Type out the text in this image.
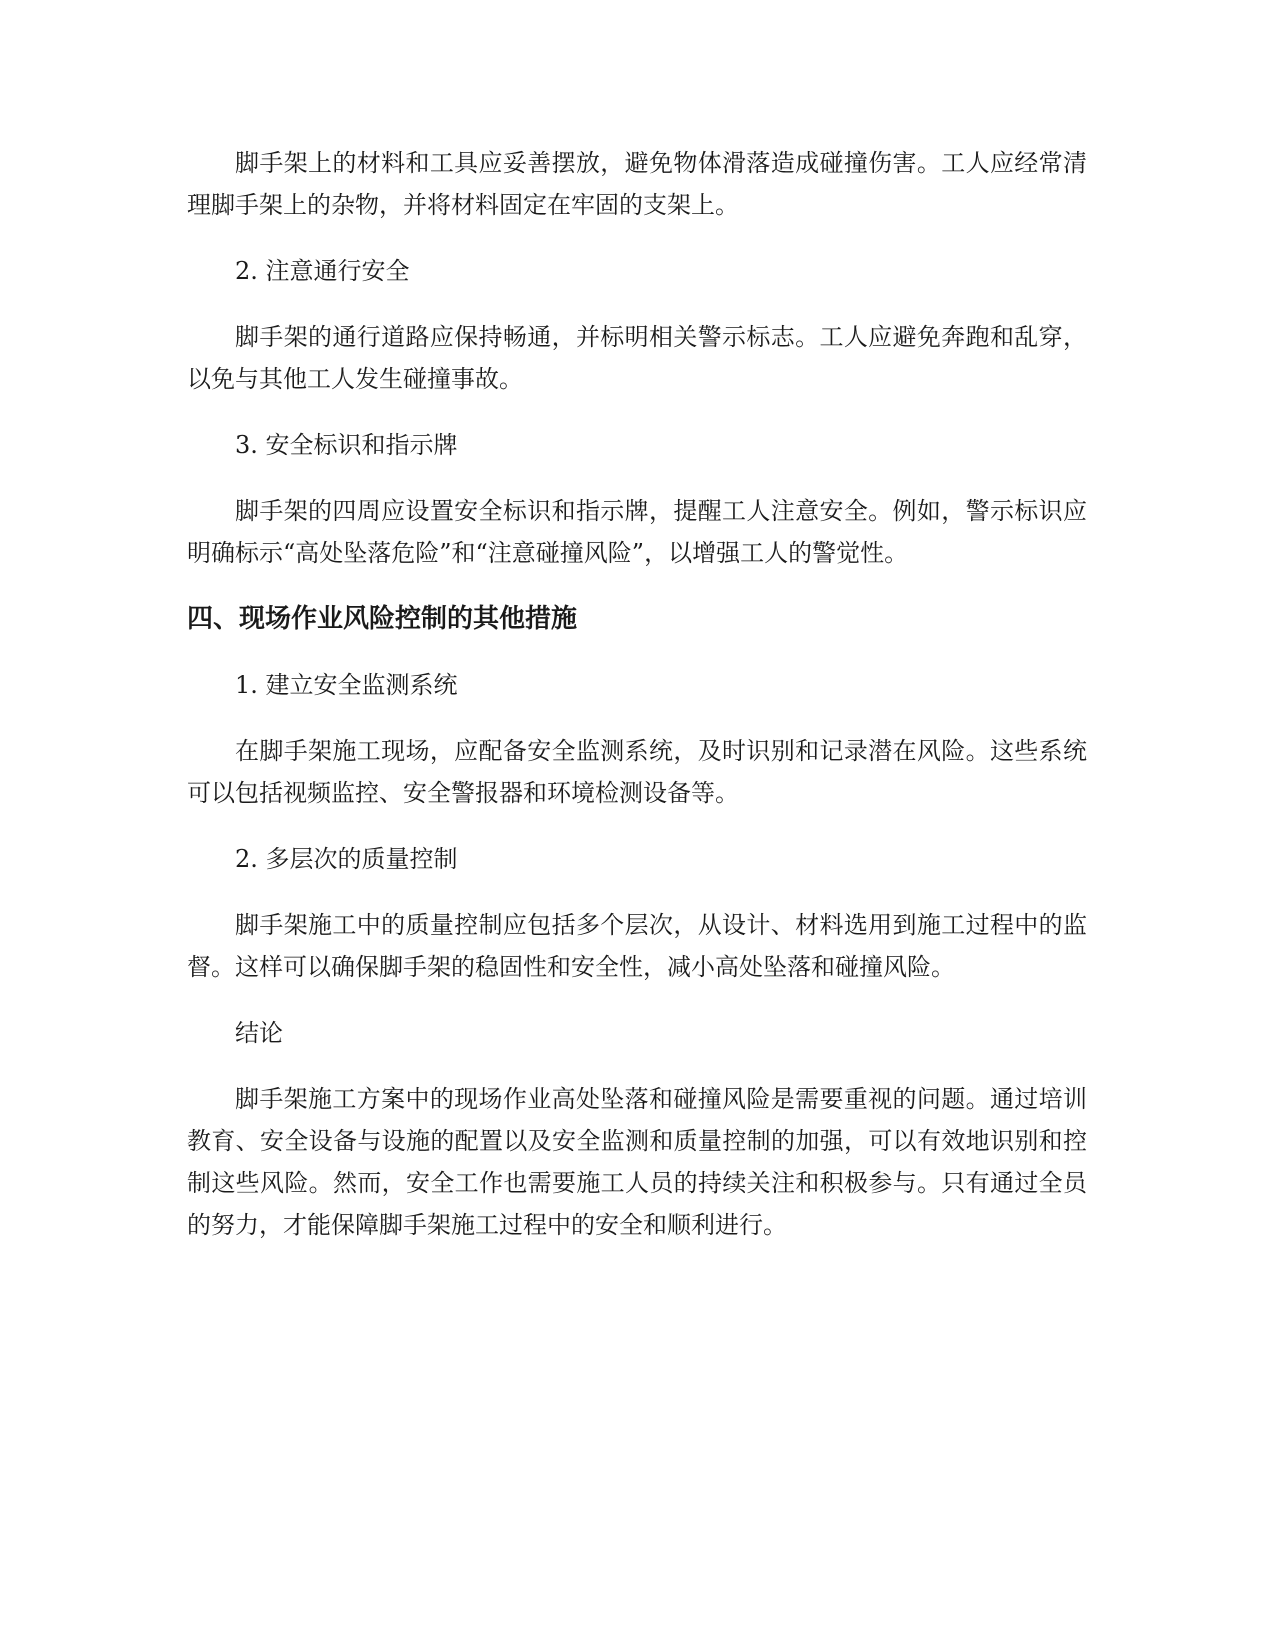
脚手架上的材料和工具应妥善摆放，避免物体滑落造成碰撞伤害。工人应经常清理脚手架上的杂物，并将材料固定在牢固的支架上。

2. 注意通行安全

脚手架的通行道路应保持畅通，并标明相关警示标志。工人应避免奔跑和乱穿，以免与其他工人发生碰撞事故。

3. 安全标识和指示牌

脚手架的四周应设置安全标识和指示牌，提醒工人注意安全。例如，警示标识应明确标示“高处坠落危险”和“注意碰撞风险”，以增强工人的警觉性。

四、现场作业风险控制的其他措施

1. 建立安全监测系统

在脚手架施工现场，应配备安全监测系统，及时识别和记录潜在风险。这些系统可以包括视频监控、安全警报器和环境检测设备等。

2. 多层次的质量控制

脚手架施工中的质量控制应包括多个层次，从设计、材料选用到施工过程中的监督。这样可以确保脚手架的稳固性和安全性，减小高处坠落和碰撞风险。

结论

脚手架施工方案中的现场作业高处坠落和碰撞风险是需要重视的问题。通过培训教育、安全设备与设施的配置以及安全监测和质量控制的加强，可以有效地识别和控制这些风险。然而，安全工作也需要施工人员的持续关注和积极参与。只有通过全员的努力，才能保障脚手架施工过程中的安全和顺利进行。
